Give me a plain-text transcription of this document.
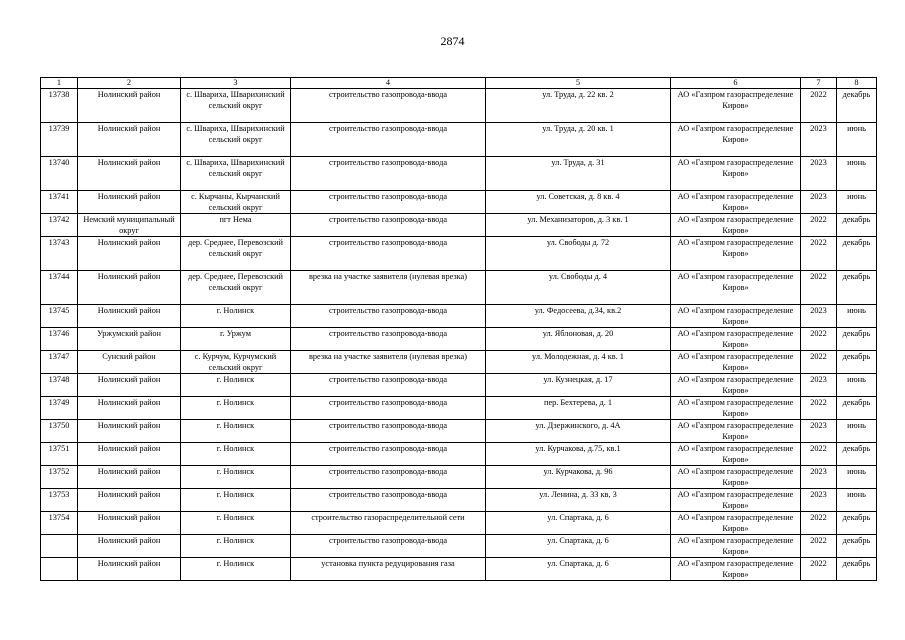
2874
1	2	3	4	5	6	7	8
13738	Нолинский район	с. Шварихa, Шварихинский сельский округ	строительство газопровода-ввода	ул. Труда, д. 22 кв. 2	АО «Газпром газораспределение Киров»	2022	декабрь
13739	Нолинский район	с. Шварихa, Шварихинский сельский округ	строительство газопровода-ввода	ул. Труда, д. 20 кв. 1	АО «Газпром газораспределение Киров»	2023	июнь
13740	Нолинский район	с. Шварихa, Шварихинский сельский округ	строительство газопровода-ввода	ул. Труда, д. 31	АО «Газпром газораспределение Киров»	2023	июнь
13741	Нолинский район	с. Кырчаны, Кырчанский сельский округ	строительство газопровода-ввода	ул. Советская, д. 8 кв. 4	АО «Газпром газораспределение Киров»	2023	июнь
13742	Немский муниципальный округ	пгт Нема	строительство газопровода-ввода	ул. Механизаторов, д. 3 кв. 1	АО «Газпром газораспределение Киров»	2022	декабрь
13743	Нолинский район	дер. Среднее, Перевозский сельский округ	строительство газопровода-ввода	ул. Свободы д. 72	АО «Газпром газораспределение Киров»	2022	декабрь
13744	Нолинский район	дер. Среднее, Перевозский сельский округ	врезка на участке заявителя (нулевая врезка)	ул. Свободы д. 4	АО «Газпром газораспределение Киров»	2022	декабрь
13745	Нолинский район	г. Нолинск	строительство газопровода-ввода	ул. Федосеева, д.34, кв.2	АО «Газпром газораспределение Киров»	2023	июнь
13746	Уржумский район	г. Уржум	строительство газопровода-ввода	ул. Яблоновая, д. 20	АО «Газпром газораспределение Киров»	2022	декабрь
13747	Сунский район	с. Курчум, Курчумский сельский округ	врезка на участке заявителя (нулевая врезка)	ул. Молодежная, д. 4 кв. 1	АО «Газпром газораспределение Киров»	2022	декабрь
13748	Нолинский район	г. Нолинск	строительство газопровода-ввода	ул. Кузнецкая, д. 17	АО «Газпром газораспределение Киров»	2023	июнь
13749	Нолинский район	г. Нолинск	строительство газопровода-ввода	пер. Бехтерева, д. 1	АО «Газпром газораспределение Киров»	2022	декабрь
13750	Нолинский район	г. Нолинск	строительство газопровода-ввода	ул. Дзержинского, д. 4А	АО «Газпром газораспределение Киров»	2023	июнь
13751	Нолинский район	г. Нолинск	строительство газопровода-ввода	ул. Курчакова, д.75, кв.1	АО «Газпром газораспределение Киров»	2022	декабрь
13752	Нолинский район	г. Нолинск	строительство газопровода-ввода	ул. Курчакова, д. 96	АО «Газпром газораспределение Киров»	2023	июнь
13753	Нолинский район	г. Нолинск	строительство газопровода-ввода	ул. Ленина, д. 33 кв, 3	АО «Газпром газораспределение Киров»	2023	июнь
13754	Нолинский район	г. Нолинск	строительство газораспределительной сети	ул. Спартака, д. 6	АО «Газпром газораспределение Киров»	2022	декабрь
	Нолинский район	г. Нолинск	строительство газопровода-ввода	ул. Спартака, д. 6	АО «Газпром газораспределение Киров»	2022	декабрь
	Нолинский район	г. Нолинск	установка пункта редуцирования газа	ул. Спартака, д. 6	АО «Газпром газораспределение Киров»	2022	декабрь
